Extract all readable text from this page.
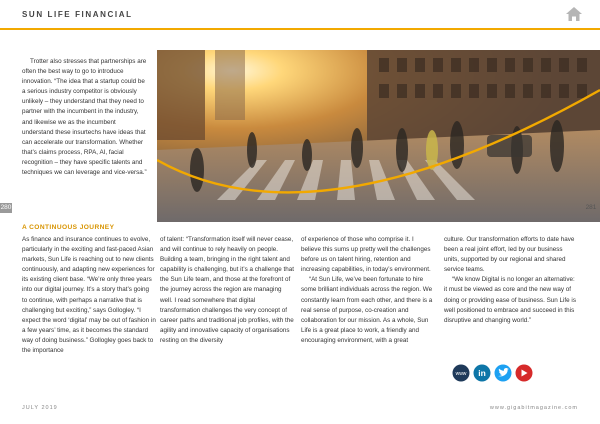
SUN LIFE FINANCIAL

Trotter also stresses that partnerships are often the best way to go to introduce innovation. “The idea that a startup could be a serious industry competitor is obviously unlikely – they understand that they need to partner with the incumbent in the industry, and likewise we as the incumbent understand these insurtechs have ideas that can accelerate our transformation. Whether that’s claims process, RPA, AI, facial recognition – they have specific talents and techniques we can leverage and vice-versa.”

280	281
A CONTINUOUS JOURNEY

As finance and insurance continues to evolve, particularly in the exciting and fast-paced Asian markets, Sun Life is reaching out to new clients continuously, and adapting new experiences for its existing client base. “We’re only three years into our digital journey. It’s a story that’s going to continue, with perhaps a narrative that is challenging but exciting,” says Gollogley. “I expect the word ‘digital’ may be out of fashion in a few years’ time, as it becomes the standard way of doing business.” Gollogley goes back to the importance

of talent: “Transformation itself will never cease, and will continue to rely heavily on people. Building a team, bringing in the right talent and capability is challenging, but it’s a challenge that the Sun Life team, and those at the forefront of the journey across the region are managing well. I read somewhere that digital transformation challenges the very concept of career paths and traditional job profiles, with the agility and innovative capacity of organisations resting on the diversity

of experience of those who comprise it. I believe this sums up pretty well the challenges before us on talent hiring, retention and increasing capabilities, in today’s environment.

“At Sun Life, we’ve been fortunate to hire some brilliant individuals across the region. We constantly learn from each other, and there is a real sense of purpose, co-creation and collaboration for our mission. As a whole, Sun Life is a great place to work, a friendly and encouraging environment, with a great

culture. Our transformation efforts to date have been a real joint effort, led by our business units, supported by our regional and shared service teams.

“We know Digital is no longer an alternative: it must be viewed as core and the new way of doing or providing ease of business. Sun Life is well positioned to embrace and succeed in this disruptive and changing world.”

www in
JULY 2019	www.gigabitmagazine.com
